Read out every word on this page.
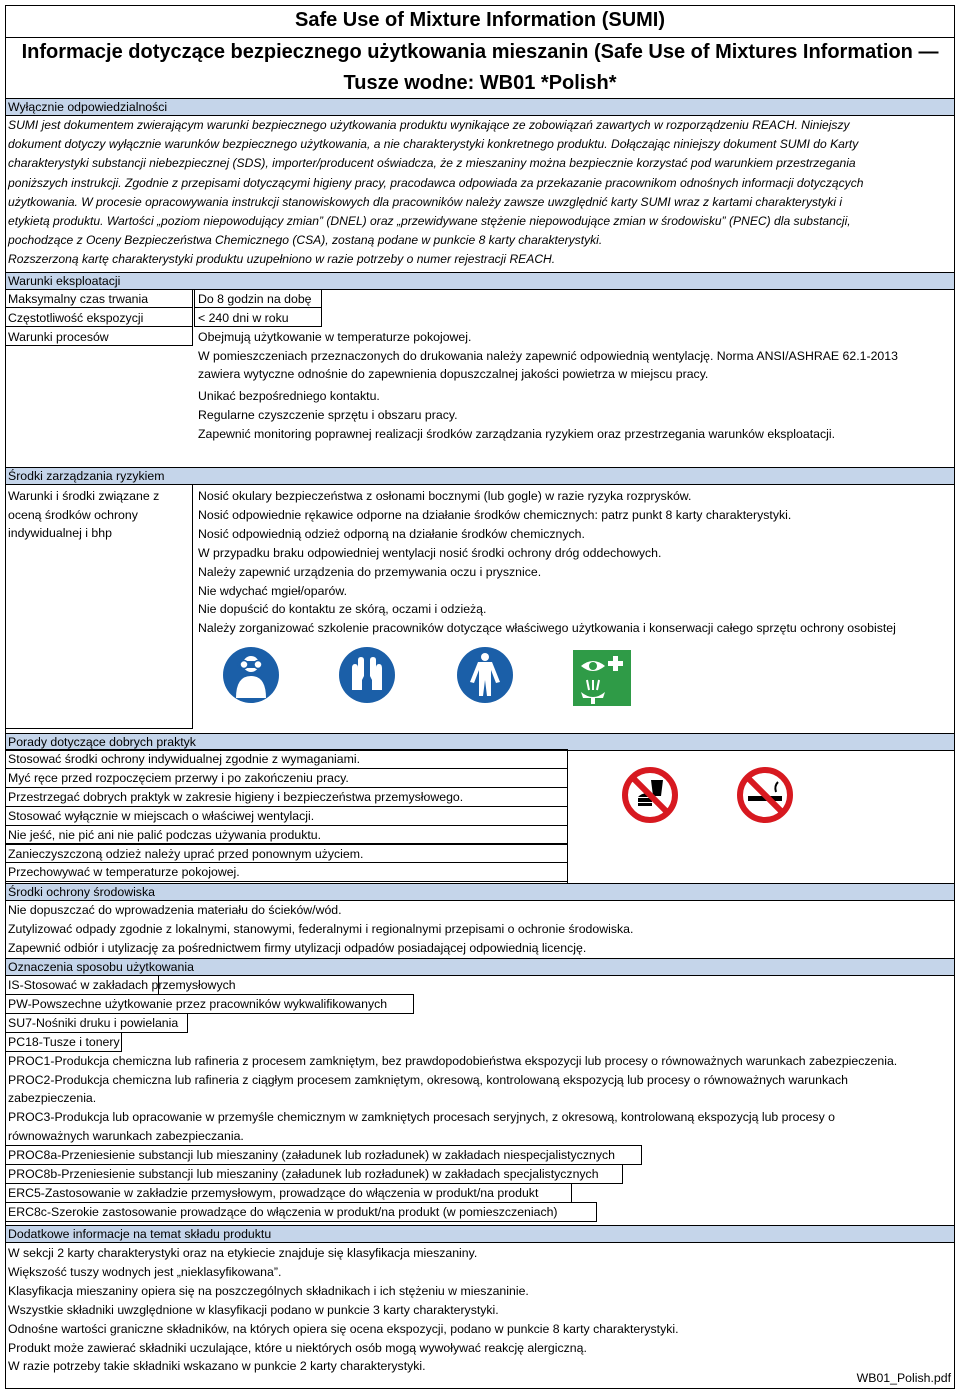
Safe Use of Mixture Information (SUMI)
Informacje dotyczące bezpiecznego użytkowania mieszanin (Safe Use of Mixtures Information —
Tusze wodne: WB01 *Polish*
Wyłącznie odpowiedzialności
SUMI jest dokumentem zwierającym warunki bezpiecznego użytkowania produktu wynikające ze zobowiązań zawartych w rozporządzeniu REACH. Niniejszy
dokument dotyczy wyłącznie warunków bezpiecznego użytkowania, a nie charakterystyki konkretnego produktu. Dołączając niniejszy dokument SUMI do Karty
charakterystyki substancji niebezpiecznej (SDS), importer/producent oświadcza, że z mieszaniny można bezpiecznie korzystać pod warunkiem przestrzegania
poniższych instrukcji. Zgodnie z przepisami dotyczącymi higieny pracy, pracodawca odpowiada za przekazanie pracownikom odnośnych informacji dotyczących
użytkowania. W procesie opracowywania instrukcji stanowiskowych dla pracowników należy zawsze uwzględnić karty SUMI wraz z kartami charakterystyki i
etykietą produktu. Wartości „poziom niepowodujący zmian” (DNEL) oraz „przewidywane stężenie niepowodujące zmian w środowisku” (PNEC) dla substancji,
pochodzące z Oceny Bezpieczeństwa Chemicznego (CSA), zostaną podane w punkcie 8 karty charakterystyki.
Rozszerzoną kartę charakterystyki produktu uzupełniono w razie potrzeby o numer rejestracji REACH.
Warunki eksploatacji
Maksymalny czas trwania	Do 8 godzin na dobę
Częstotliwość ekspozycji	< 240 dni w roku
Warunki procesów	Obejmują użytkowanie w temperaturze pokojowej.
W pomieszczeniach przeznaczonych do drukowania należy zapewnić odpowiednią wentylację. Norma ANSI/ASHRAE 62.1-2013
zawiera wytyczne odnośnie do zapewnienia dopuszczalnej jakości powietrza w miejscu pracy.
Unikać bezpośredniego kontaktu.
Regularne czyszczenie sprzętu i obszaru pracy.
Zapewnić monitoring poprawnej realizacji środków zarządzania ryzykiem oraz przestrzegania warunków eksploatacji.
Środki zarządzania ryzykiem
Warunki i środki związane z
oceną środków ochrony
indywidualnej i bhp
Nosić okulary bezpieczeństwa z osłonami bocznymi (lub gogle) w razie ryzyka rozprysków.
Nosić odpowiednie rękawice odporne na działanie środków chemicznych: patrz punkt 8 karty charakterystyki.
Nosić odpowiednią odzież odporną na działanie środków chemicznych.
W przypadku braku odpowiedniej wentylacji nosić środki ochrony dróg oddechowych.
Należy zapewnić urządzenia do przemywania oczu i prysznice.
Nie wdychać mgieł/oparów.
Nie dopuścić do kontaktu ze skórą, oczami i odzieżą.
Należy zorganizować szkolenie pracowników dotyczące właściwego użytkowania i konserwacji całego sprzętu ochrony osobistej
Porady dotyczące dobrych praktyk
Stosować środki ochrony indywidualnej zgodnie z wymaganiami.
Myć ręce przed rozpoczęciem przerwy i po zakończeniu pracy.
Przestrzegać dobrych praktyk w zakresie higieny i bezpieczeństwa przemysłowego.
Stosować wyłącznie w miejscach o właściwej wentylacji.
Nie jeść, nie pić ani nie palić podczas używania produktu.
Zanieczyszczoną odzież należy uprać przed ponownym użyciem.
Przechowywać w temperaturze pokojowej.
Środki ochrony środowiska
Nie dopuszczać do wprowadzenia materiału do ścieków/wód.
Zutylizować odpady zgodnie z lokalnymi, stanowymi, federalnymi i regionalnymi przepisami o ochronie środowiska.
Zapewnić odbiór i utylizację za pośrednictwem firmy utylizacji odpadów posiadającej odpowiednią licencję.
Oznaczenia sposobu użytkowania
IS-Stosować w zakładach przemysłowych
PW-Powszechne użytkowanie przez pracowników wykwalifikowanych
SU7-Nośniki druku i powielania
PC18-Tusze i tonery
PROC1-Produkcja chemiczna lub rafineria z procesem zamkniętym, bez prawdopodobieństwa ekspozycji lub procesy o równoważnych warunkach zabezpieczenia.
PROC2-Produkcja chemiczna lub rafineria z ciągłym procesem zamkniętym, okresową, kontrolowaną ekspozycją lub procesy o równoważnych warunkach
zabezpieczenia.
PROC3-Produkcja lub opracowanie w przemyśle chemicznym w zamkniętych procesach seryjnych, z okresową, kontrolowaną ekspozycją lub procesy o
równoważnych warunkach zabezpieczania.
PROC8a-Przeniesienie substancji lub mieszaniny (załadunek lub rozładunek) w zakładach niespecjalistycznych
PROC8b-Przeniesienie substancji lub mieszaniny (załadunek lub rozładunek) w zakładach specjalistycznych
ERC5-Zastosowanie w zakładzie przemysłowym, prowadzące do włączenia w produkt/na produkt
ERC8c-Szerokie zastosowanie prowadzące do włączenia w produkt/na produkt (w pomieszczeniach)
Dodatkowe informacje na temat składu produktu
W sekcji 2 karty charakterystyki oraz na etykiecie znajduje się klasyfikacja mieszaniny.
Większość tuszy wodnych jest „nieklasyfikowana”.
Klasyfikacja mieszaniny opiera się na poszczególnych składnikach i ich stężeniu w mieszaninie.
Wszystkie składniki uwzględnione w klasyfikacji podano w punkcie 3 karty charakterystyki.
Odnośne wartości graniczne składników, na których opiera się ocena ekspozycji, podano w punkcie 8 karty charakterystyki.
Produkt może zawierać składniki uczulające, które u niektórych osób mogą wywoływać reakcję alergiczną.
W razie potrzeby takie składniki wskazano w punkcie 2 karty charakterystyki.
WB01_Polish.pdf
